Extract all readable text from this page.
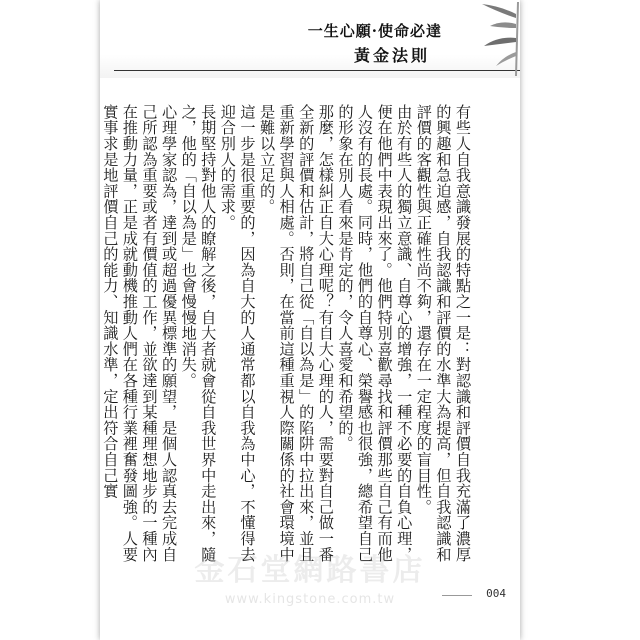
一生心願·使命必達
黃金法則

有些人自我意識發展的特點之一是：對認識和評價自我充滿了濃厚的興趣和急迫感，自我認識和評價的水準大為提高，但自我認識和評價的客觀性與正確性尚不夠，還存在一定程度的盲目性。

由於有些人的獨立意識、自尊心的增強，一種不必要的自負心理，便在他們中表現出來了。他們特別喜歡尋找和評價那些自己有而他人沒有的長處。同時，他們的自尊心、榮譽感也很強，總希望自己的形象在別人看來是肯定的，令人喜愛和希望的。

那麼，怎樣糾正自大心理呢？有自大心理的人，需要對自己做一番全新的評價和估計，將自己從「自以為是」的陷阱中拉出來，並且重新學習與人相處。否則，在當前這種重視人際關係的社會環境中是難以立足的。

這一步是很重要的，因為自大的人通常都以自我為中心，不懂得去迎合別人的需求。

長期堅持對他人的瞭解之後，自大者就會從自我世界中走出來，隨之，他的「自以為是」也會慢慢地消失。

心理學家認為，達到或超過優異標準的願望，是個人認真去完成自己所認為重要或者有價值的工作，並欲達到某種理想地步的一種內在推動力量，正是成就動機推動人們在各種行業裡奮發圖強。人要實事求是地評價自己的能力、知識水準，定出符合自己實

004
金石堂網路書店
www.kingstone.com.tw
